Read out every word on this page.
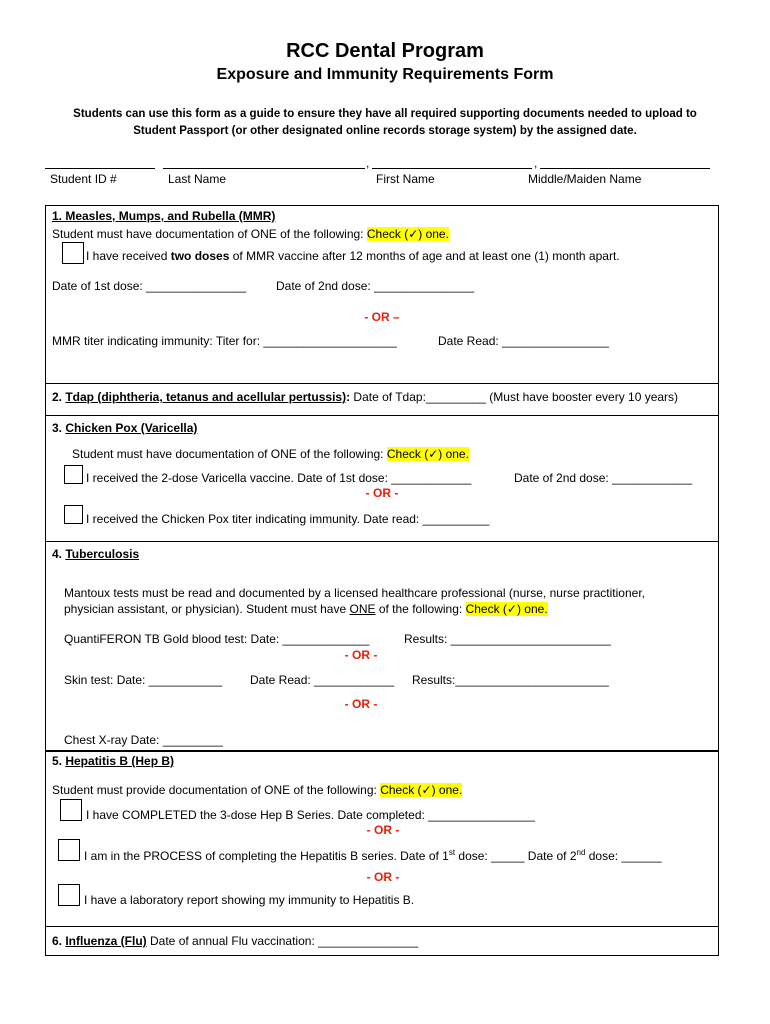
RCC Dental Program
Exposure and Immunity Requirements Form
Students can use this form as a guide to ensure they have all required supporting documents needed to upload to Student Passport (or other designated online records storage system) by the assigned date.
,	,
Student ID #	Last Name	First Name	Middle/Maiden Name
1. Measles, Mumps, and Rubella (MMR)
Student must have documentation of ONE of the following: Check (✓) one.
I have received two doses of MMR vaccine after 12 months of age and at least one (1) month apart.
Date of 1st dose: _______________ Date of 2nd dose: _______________
- OR –
MMR titer indicating immunity: Titer for: ____________________	Date Read: ________________
2. Tdap (diphtheria, tetanus and acellular pertussis): Date of Tdap:_________ (Must have booster every 10 years)
3. Chicken Pox (Varicella)
Student must have documentation of ONE of the following: Check (✓) one.
I received the 2-dose Varicella vaccine. Date of 1st dose: ____________	Date of 2nd dose: ____________
- OR -
I received the Chicken Pox titer indicating immunity. Date read: __________
4. Tuberculosis
Mantoux tests must be read and documented by a licensed healthcare professional (nurse, nurse practitioner,
physician assistant, or physician). Student must have ONE of the following: Check (✓) one.
QuantiFERON TB Gold blood test: Date: _____________	Results: ________________________
- OR -
Skin test: Date: ___________ Date Read: ____________ Results:_______________________
- OR -
Chest X-ray Date: _________
5. Hepatitis B (Hep B)
Student must provide documentation of ONE of the following: Check (✓) one.
I have COMPLETED the 3-dose Hep B Series. Date completed: ________________
- OR -
I am in the PROCESS of completing the Hepatitis B series. Date of 1st dose: _____ Date of 2nd dose: ______
- OR -
I have a laboratory report showing my immunity to Hepatitis B.
6. Influenza (Flu) Date of annual Flu vaccination: _______________
